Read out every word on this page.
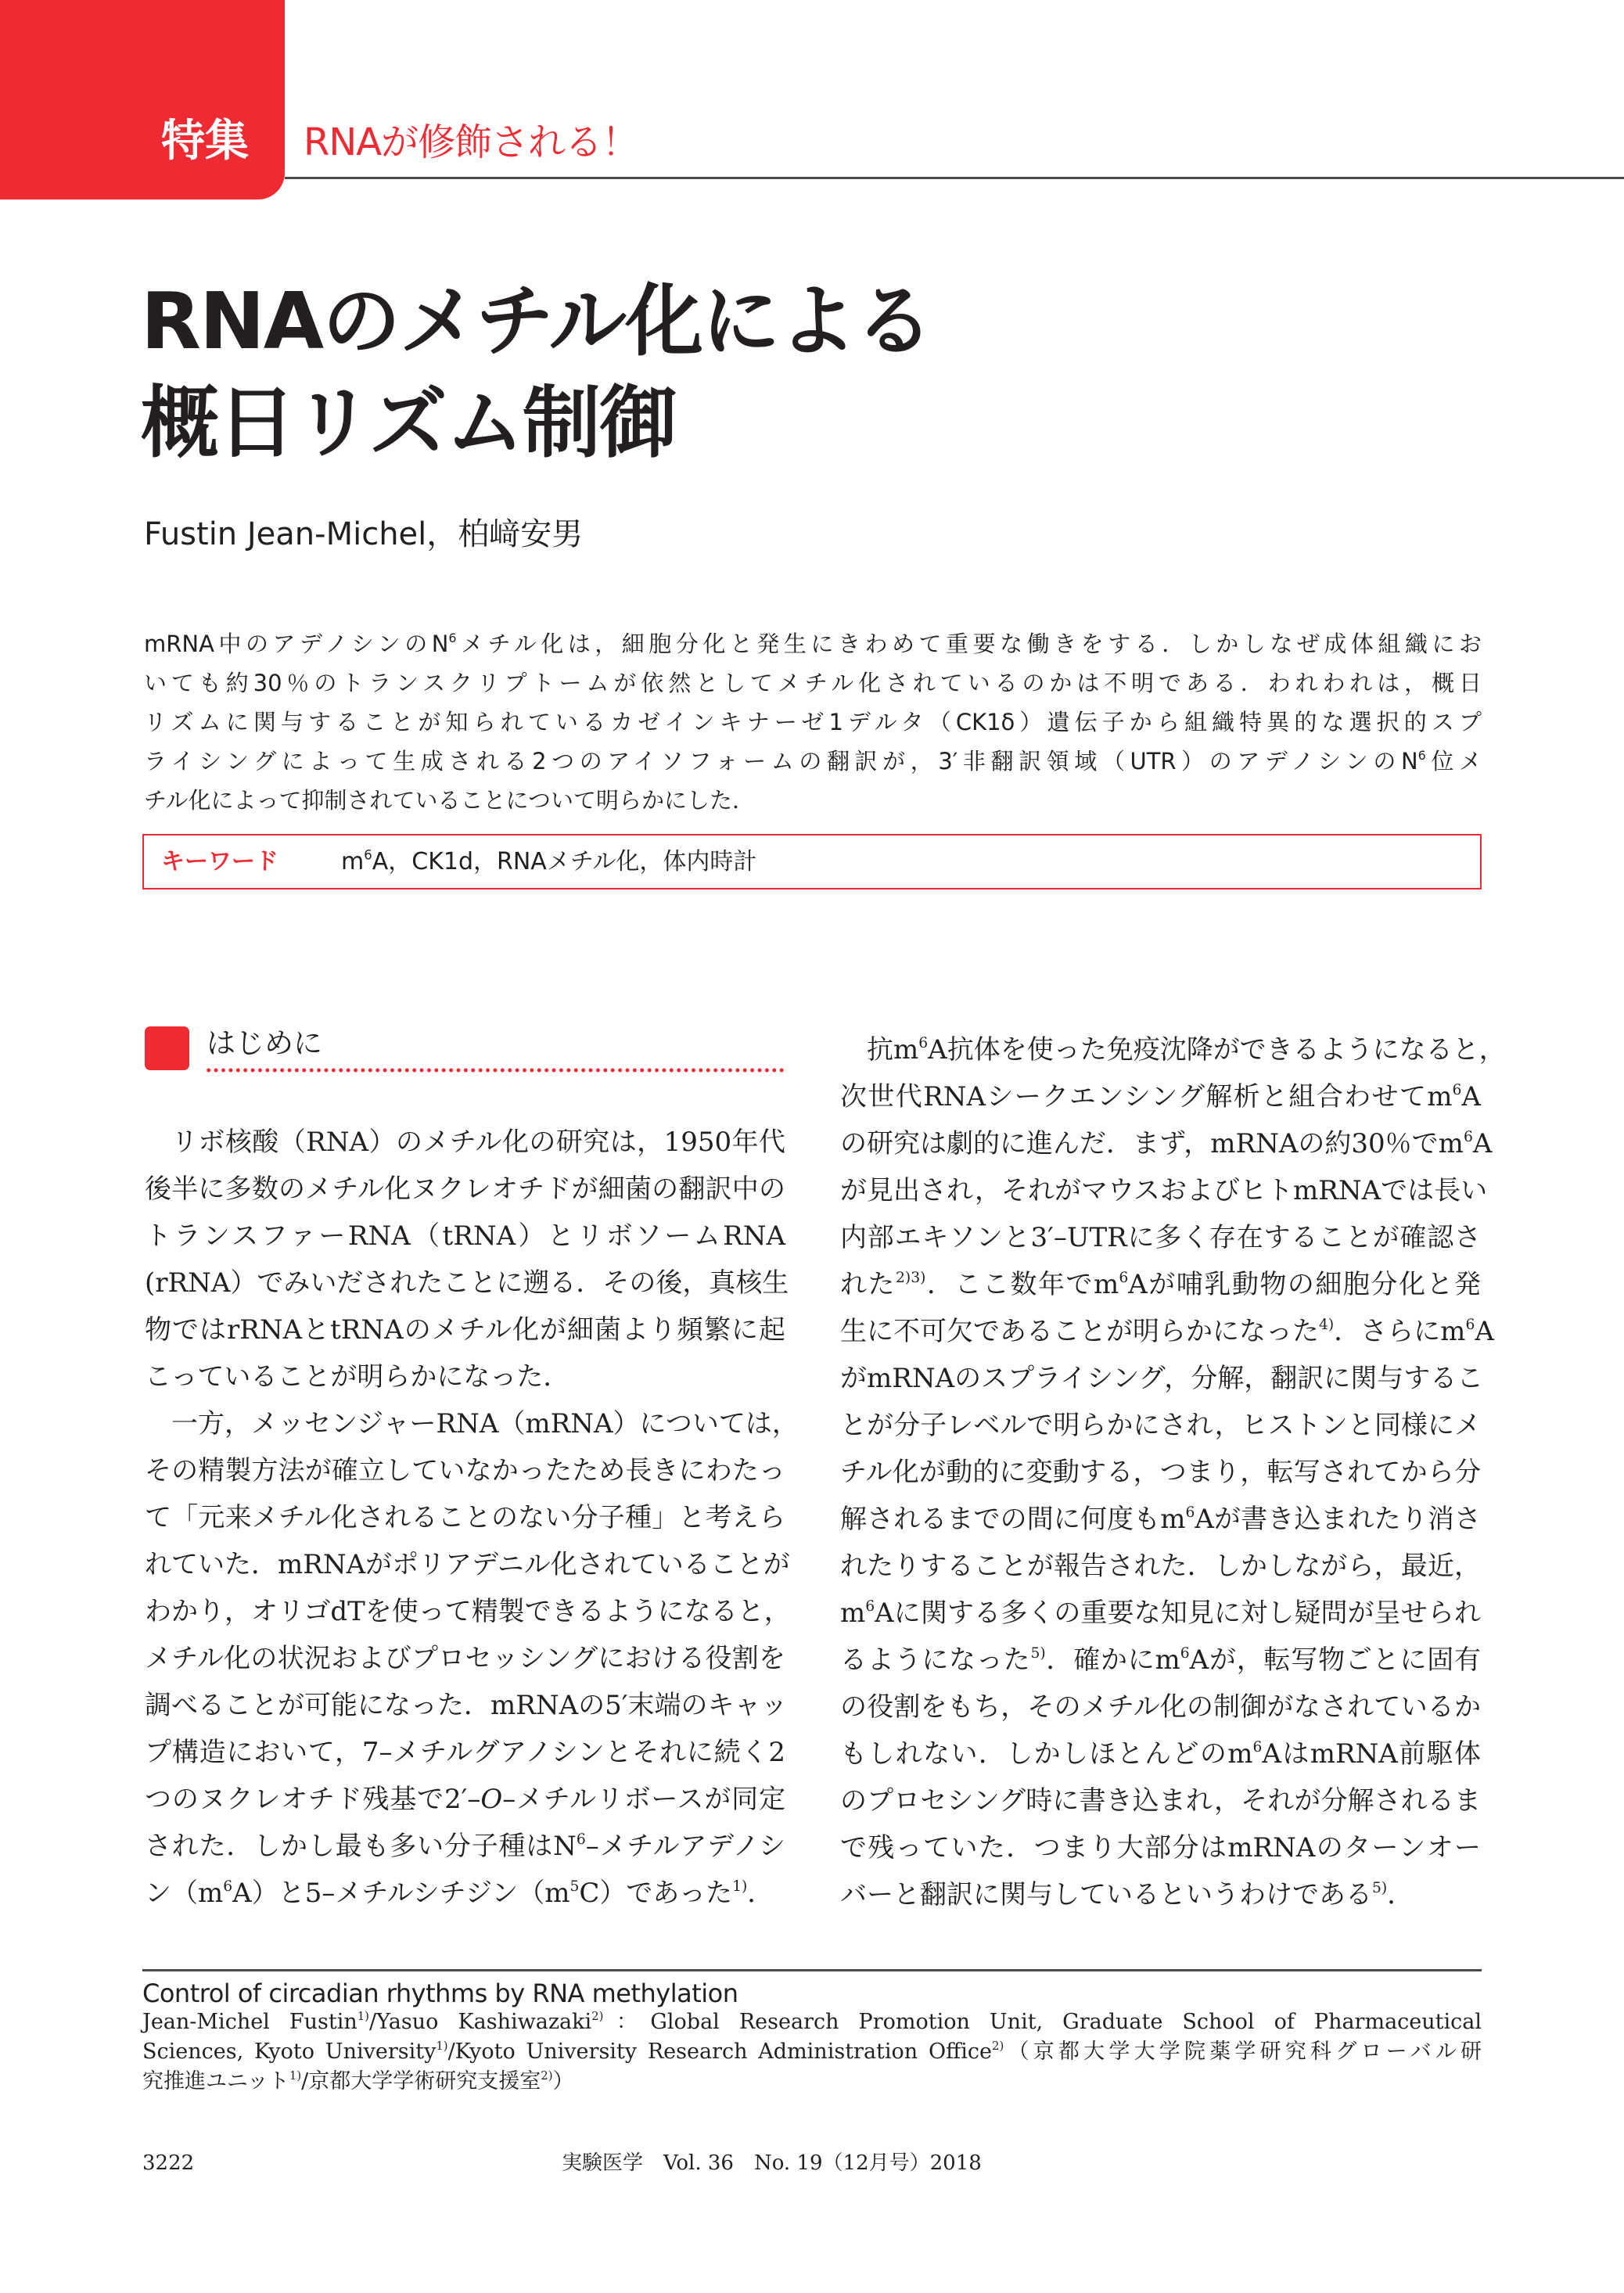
特集 RNAが修飾される！
RNAのメチル化による
概日リズム制御
Fustin Jean-Michel，柏﨑安男
mRNA中のアデノシンの$N^6$メチル化は，細胞分化と発生にきわめて重要な働きをする．しかしなぜ成体組織にお
いても約30％のトランスクリプトームが依然としてメチル化されているのかは不明である．われわれは，概日
リズムに関与することが知られているカゼインキナーゼ1デルタ（CK1δ）遺伝子から組織特異的な選択的スプ
ライシングによって生成される2つのアイソフォームの翻訳が，3′非翻訳領域（UTR）のアデノシンの$N^6$位メ
チル化によって抑制されていることについて明らかにした．
キーワード	$m^6A$，CK1d，RNAメチル化，体内時計
はじめに
リボ核酸（RNA）のメチル化の研究は，1950年代
後半に多数のメチル化ヌクレオチドが細菌の翻訳中の
トランスファーRNA（tRNA）とリボソームRNA
(rRNA）でみいだされたことに遡る．その後，真核生
物ではrRNAとtRNAのメチル化が細菌より頻繁に起
こっていることが明らかになった．
一方，メッセンジャーRNA（mRNA）については，
その精製方法が確立していなかったため長きにわたっ
て「元来メチル化されることのない分子種」と考えら
れていた．mRNAがポリアデニル化されていることが
わかり，オリゴdTを使って精製できるようになると，
メチル化の状況およびプロセッシングにおける役割を
調べることが可能になった．mRNAの5′末端のキャッ
プ構造において，7–メチルグアノシンとそれに続く2
つのヌクレオチド残基で2′–O–メチルリボースが同定
された．しかし最も多い分子種は$N^6-$メチルアデノシ
ン$(m^6A)$と5–メチルシチジン$(m^5C)$であった$^{1)}$．
抗$m^6A$抗体を使った免疫沈降ができるようになると，
次世代RNAシークエンシング解析と組合わせて$m^6A$
の研究は劇的に進んだ．まず，mRNAの約30％で$m^6A$
が見出され，それがマウスおよびヒトmRNAでは長い
内部エキソンと3′–UTRに多く存在することが確認さ
れた$^{2)3)}$．ここ数年で$m^6A$が哺乳動物の細胞分化と発
生に不可欠であることが明らかになった$^{4)}$．さらに$m^6A$
がmRNAのスプライシング，分解，翻訳に関与するこ
とが分子レベルで明らかにされ，ヒストンと同様にメ
チル化が動的に変動する，つまり，転写されてから分
解されるまでの間に何度も$m^6A$が書き込まれたり消さ
れたりすることが報告された．しかしながら，最近，
$m^6A$に関する多くの重要な知見に対し疑問が呈せられ
るようになった$^{5)}$．確かに$m^6A$が，転写物ごとに固有
の役割をもち，そのメチル化の制御がなされているか
もしれない．しかしほとんどの$m^6A$はmRNA前駆体
のプロセシング時に書き込まれ，それが分解されるま
で残っていた．つまり大部分はmRNAのターンオー
バーと翻訳に関与しているというわけである$^{5)}$．
Control of circadian rhythms by RNA methylation
Jean-Michel Fustin$^{1)}$/Yasuo Kashiwazaki$^{2)}$：Global Research Promotion Unit, Graduate School of Pharmaceutical
Sciences, Kyoto University$^{1)}$/Kyoto University Research Administration Office$^{2)}$（京都大学大学院薬学研究科グローバル研
究推進ユニット$^{1)}$/京都大学学術研究支援室$^{2)}$）
3222	実験医学　Vol. 36　No. 19（12月号）2018
